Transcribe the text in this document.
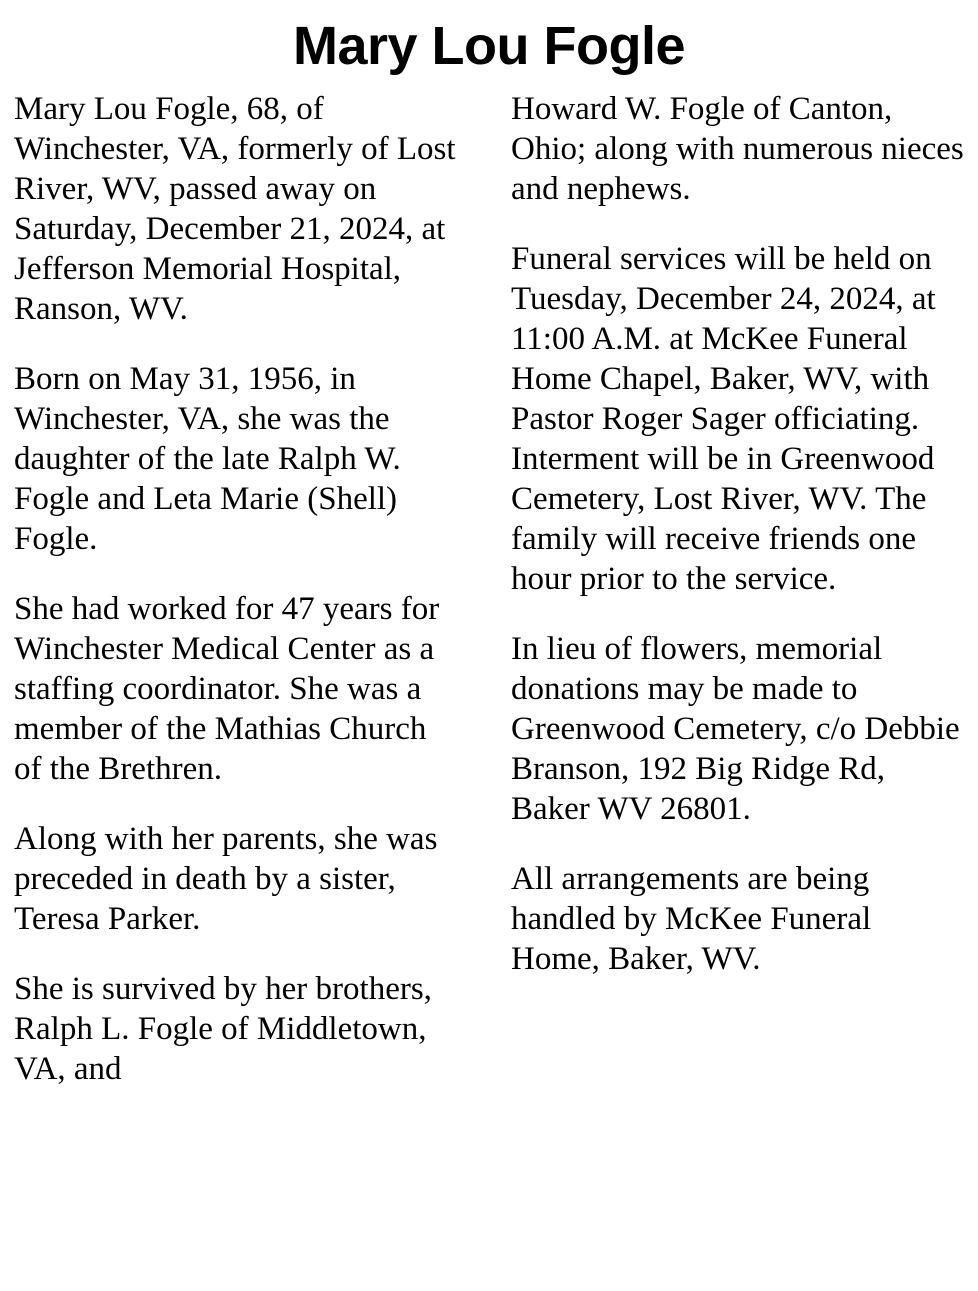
Mary Lou Fogle

Mary Lou Fogle, 68, of Winchester, VA, formerly of Lost River, WV, passed away on Saturday, December 21, 2024, at Jefferson Memorial Hospital, Ranson, WV.

Born on May 31, 1956, in Winchester, VA, she was the daughter of the late Ralph W. Fogle and Leta Marie (Shell) Fogle.

She had worked for 47 years for Winchester Medical Center as a staffing coordinator. She was a member of the Mathias Church of the Brethren.

Along with her parents, she was preceded in death by a sister, Teresa Parker.

She is survived by her brothers, Ralph L. Fogle of Middletown, VA, and

Howard W. Fogle of Canton, Ohio; along with numerous nieces and nephews.

Funeral services will be held on Tuesday, December 24, 2024, at 11:00 A.M. at McKee Funeral Home Chapel, Baker, WV, with Pastor Roger Sager officiating. Interment will be in Greenwood Cemetery, Lost River, WV. The family will receive friends one hour prior to the service.

In lieu of flowers, memorial donations may be made to Greenwood Cemetery, c/o Debbie Branson, 192 Big Ridge Rd, Baker WV 26801.

All arrangements are being handled by McKee Funeral Home, Baker, WV.
